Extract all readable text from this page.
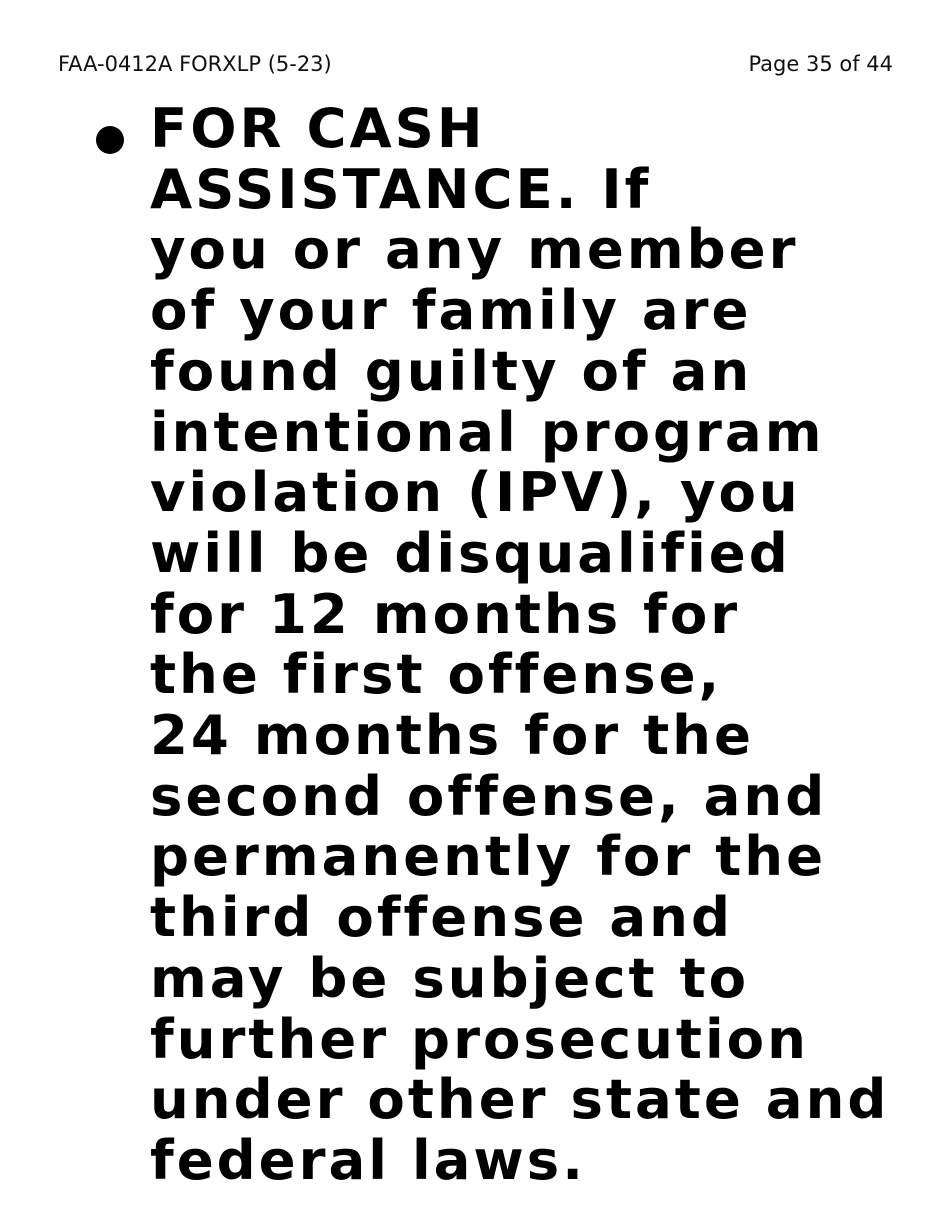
FAA-0412A FORXLP (5-23)	Page 35 of 44
FOR CASH
ASSISTANCE. If
you or any member
of your family are
found guilty of an
intentional program
violation (IPV), you
will be disqualified
for 12 months for
the first offense,
24 months for the
second offense, and
permanently for the
third offense and
may be subject to
further prosecution
under other state and
federal laws.
